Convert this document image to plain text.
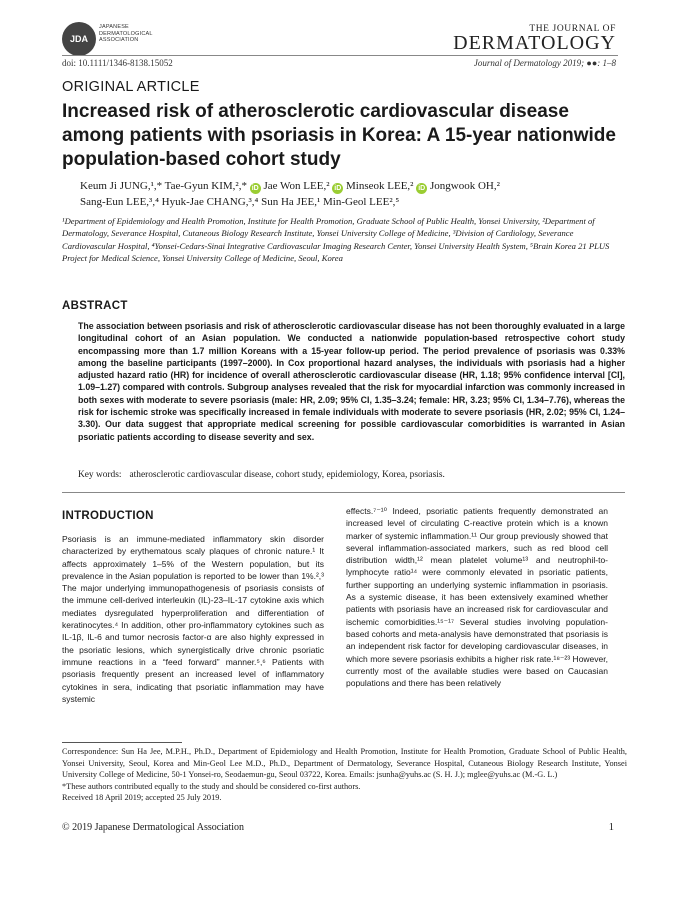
JDA
JAPANESE DERMATOLOGICAL ASSOCIATION
THE JOURNAL OF
DERMATOLOGY
doi: 10.1111/1346-8138.15052	Journal of Dermatology 2019; ●●: 1–8
ORIGINAL ARTICLE
Increased risk of atherosclerotic cardiovascular disease among patients with psoriasis in Korea: A 15-year nationwide population-based cohort study
Keum Ji JUNG,¹,* Tae-Gyun KIM,²,* iD Jae Won LEE,² iD Minseok LEE,² iD Jongwook OH,²
Sang-Eun LEE,³,⁴ Hyuk-Jae CHANG,³,⁴ Sun Ha JEE,¹ Min-Geol LEE²,⁵
¹Department of Epidemiology and Health Promotion, Institute for Health Promotion, Graduate School of Public Health, Yonsei University, ²Department of Dermatology, Severance Hospital, Cutaneous Biology Research Institute, Yonsei University College of Medicine, ³Division of Cardiology, Severance Cardiovascular Hospital, ⁴Yonsei-Cedars-Sinai Integrative Cardiovascular Imaging Research Center, Yonsei University Health System, ⁵Brain Korea 21 PLUS Project for Medical Science, Yonsei University College of Medicine, Seoul, Korea
ABSTRACT
The association between psoriasis and risk of atherosclerotic cardiovascular disease has not been thoroughly evaluated in a large longitudinal cohort of an Asian population. We conducted a nationwide population-based retrospective cohort study encompassing more than 1.7 million Koreans with a 15-year follow-up period. The period prevalence of psoriasis was 0.33% among the baseline participants (1997–2000). In Cox proportional hazard analyses, the individuals with psoriasis had a higher adjusted hazard ratio (HR) for incidence of overall atherosclerotic cardiovascular disease (HR, 1.18; 95% confidence interval [CI], 1.09–1.27) compared with controls. Subgroup analyses revealed that the risk for myocardial infarction was commonly increased in both sexes with moderate to severe psoriasis (male: HR, 2.09; 95% CI, 1.35–3.24; female: HR, 3.23; 95% CI, 1.34–7.76), whereas the risk for ischemic stroke was specifically increased in female individuals with moderate to severe psoriasis (HR, 2.02; 95% CI, 1.24–3.30). Our data suggest that appropriate medical screening for possible cardiovascular comorbidities is warranted in Asian psoriatic patients according to disease severity and sex.
Key words: atherosclerotic cardiovascular disease, cohort study, epidemiology, Korea, psoriasis.
INTRODUCTION
Psoriasis is an immune-mediated inflammatory skin disorder characterized by erythematous scaly plaques of chronic nature.¹ It affects approximately 1–5% of the Western population, but its prevalence in the Asian population is reported to be lower than 1%.²,³ The major underlying immunopathogenesis of psoriasis consists of the immune cell-derived interleukin (IL)-23–IL-17 cytokine axis which mediates dysregulated hyperproliferation and differentiation of keratinocytes.⁴ In addition, other pro-inflammatory cytokines such as IL-1β, IL-6 and tumor necrosis factor-α are also highly expressed in the psoriatic lesions, which synergistically drive chronic psoriatic immune reactions in a “feed forward” manner.⁵,⁶ Patients with psoriasis frequently present an increased level of inflammatory cytokines in sera, indicating that psoriatic inflammation may have systemic
effects.⁷⁻¹⁰ Indeed, psoriatic patients frequently demonstrated an increased level of circulating C-reactive protein which is a known marker of systemic inflammation.¹¹ Our group previously showed that several inflammation-associated markers, such as red blood cell distribution width,¹² mean platelet volume¹³ and neutrophil-to-lymphocyte ratio¹⁴ were commonly elevated in psoriatic patients, further supporting an underlying systemic inflammation in psoriasis. As a systemic disease, it has been extensively examined whether patients with psoriasis have an increased risk for cardiovascular and ischemic comorbidities.¹⁵⁻¹⁷ Several studies involving population-based cohorts and meta-analysis have demonstrated that psoriasis is an independent risk factor for developing cardiovascular diseases, in which more severe psoriasis exhibits a higher risk rate.¹⁸⁻²³ However, currently most of the available studies were based on Caucasian populations and there has been relatively
Correspondence: Sun Ha Jee, M.P.H., Ph.D., Department of Epidemiology and Health Promotion, Institute for Health Promotion, Graduate School of Public Health, Yonsei University, Seoul, Korea and Min-Geol Lee M.D., Ph.D., Department of Dermatology, Severance Hospital, Cutaneous Biology Research Institute, Yonsei University College of Medicine, 50-1 Yonsei-ro, Seodaemun-gu, Seoul 03722, Korea. Emails: jsunha@yuhs.ac (S. H. J.); mglee@yuhs.ac (M.-G. L.)
*These authors contributed equally to the study and should be considered co-first authors.
Received 18 April 2019; accepted 25 July 2019.
© 2019 Japanese Dermatological Association	1
